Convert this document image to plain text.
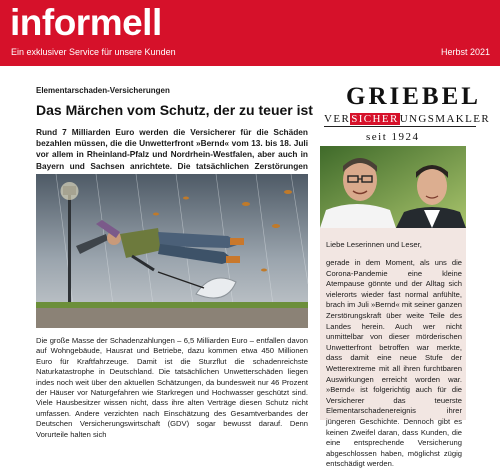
informell
Ein exklusiver Service für unsere Kunden	Herbst 2021
Elementarschaden-Versicherungen
Das Märchen vom Schutz, der zu teuer ist
Rund 7 Milliarden Euro werden die Versicherer für die Schäden bezahlen müssen, die die Unwetterfront »Bernd« vom 13. bis 18. Juli vor allem in Rheinland-Pfalz und Nordrhein-Westfalen, aber auch in Bayern und Sachsen anrichtete. Die tatsächlichen Zerstörungen
Die große Masse der Schadenzahlungen – 6,5 Milliarden Euro – entfallen davon auf Wohngebäude, Hausrat und Betriebe, dazu kommen etwa 450 Millionen Euro für Kraftfahrzeuge. Damit ist die Sturzflut die schadenreichste Naturkatastrophe in Deutschland. Die tatsächlichen Unwetterschäden liegen indes noch weit über den aktuellen Schätzungen, da bundesweit nur 46 Prozent der Häuser vor Naturgefahren wie Starkregen und Hochwasser geschützt sind. Viele Hausbesitzer wissen nicht, dass ihre alten Verträge diesen Schutz nicht umfassen. Andere verzichten nach Einschätzung des Gesamtverbandes der Deutschen Versicherungswirtschaft (GDV) sogar bewusst darauf. Denn Vorurteile halten sich
GRIEBEL
VERSICHERUNGSMAKLER
seit 1924
Liebe Leserinnen und Leser,
gerade in dem Moment, als uns die Corona-Pandemie eine kleine Atempause gönnte und der Alltag sich vielerorts wieder fast normal anfühlte, brach im Juli »Bernd« mit seiner ganzen Zerstörungskraft über weite Teile des Landes herein. Auch wer nicht unmittelbar von dieser mörderischen Unwetterfront betroffen war merkte, dass damit eine neue Stufe der Wetterextreme mit all ihren furchtbaren Auswirkungen erreicht worden war. »Bernd« ist folgerichtig auch für die Versicherer das teuerste Elementarschadenereignis ihrer jüngeren Geschichte. Dennoch gibt es keinen Zweifel daran, dass Kunden, die eine entsprechende Versicherung abgeschlossen haben, möglichst zügig entschädigt werden.
